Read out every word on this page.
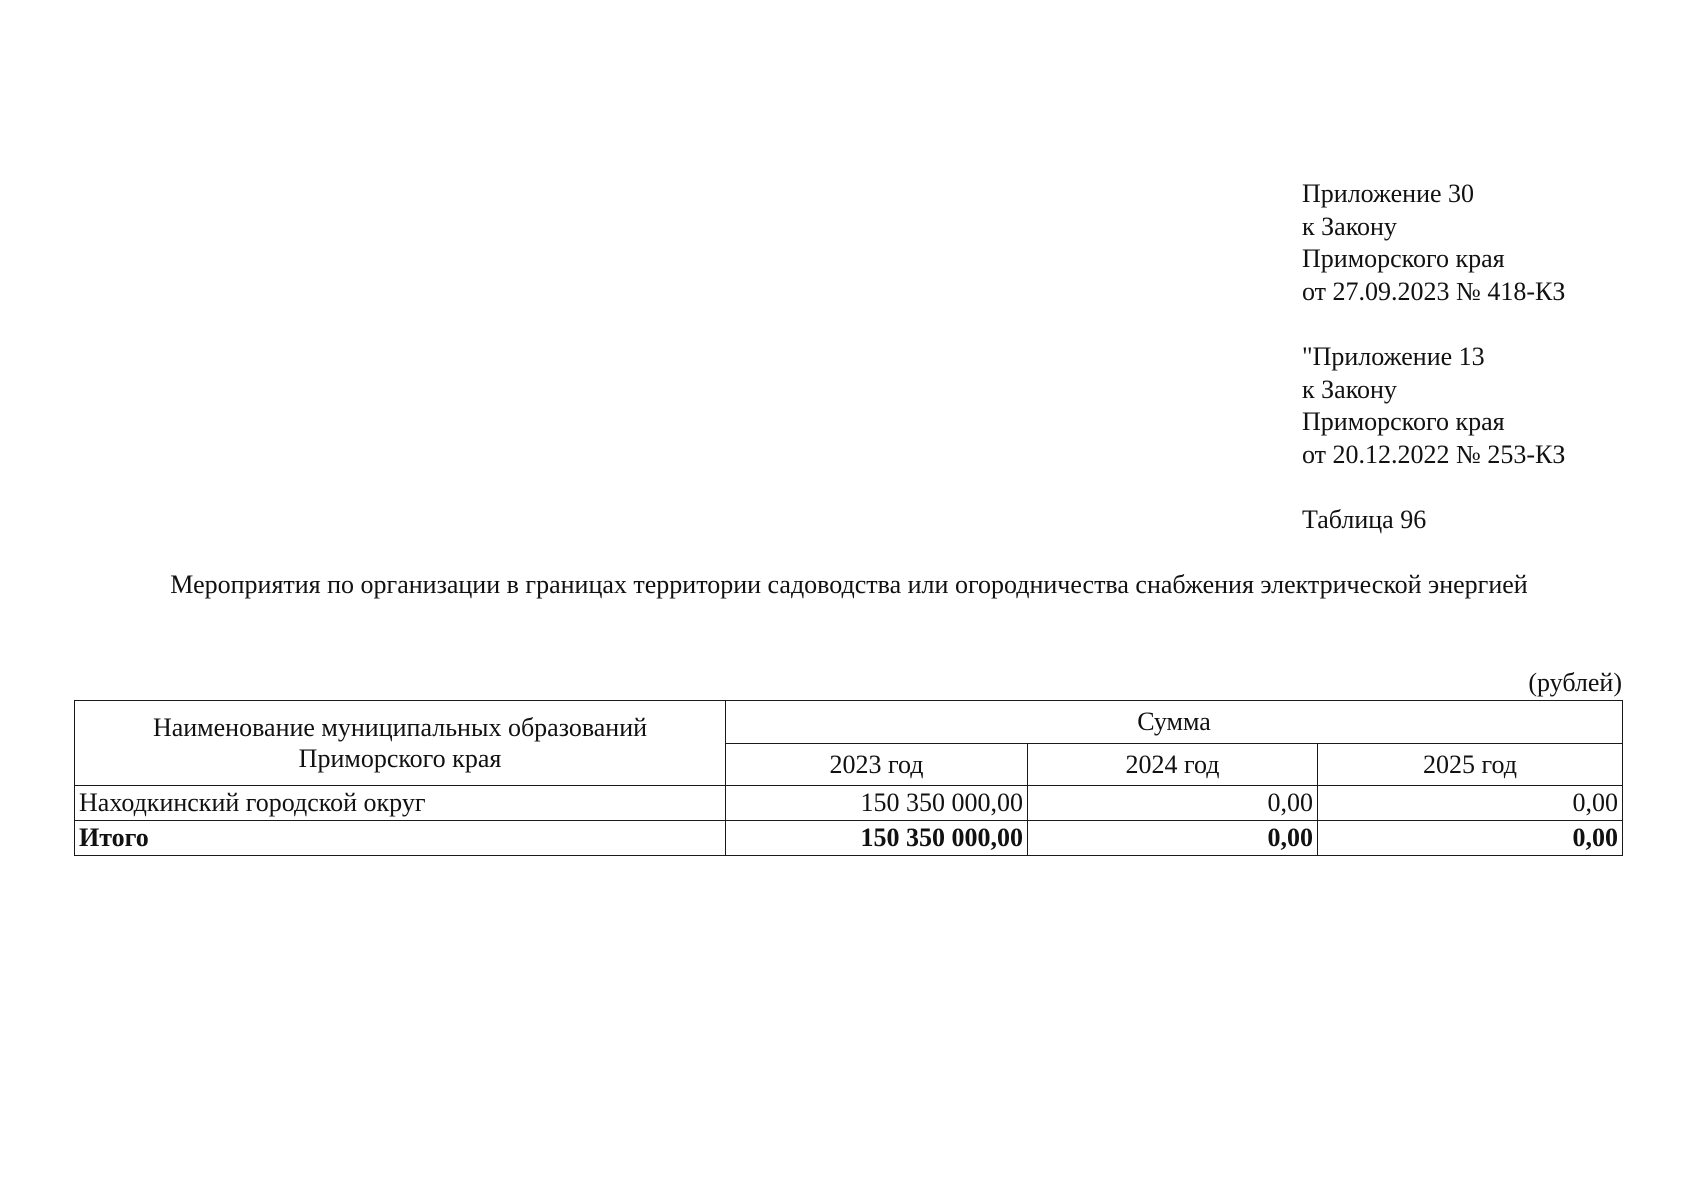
Приложение 30
к Закону
Приморского края
от 27.09.2023 № 418-КЗ
"Приложение 13
к Закону
Приморского края
от 20.12.2022 № 253-КЗ
Таблица 96
Мероприятия по организации в границах территории садоводства или огородничества снабжения электрической энергией
(рублей)
Наименование муниципальных образований
Приморского края	Сумма		
	2023 год	2024 год	2025 год
Находкинский городской округ	150 350 000,00	0,00	0,00
Итого	150 350 000,00	0,00	0,00
